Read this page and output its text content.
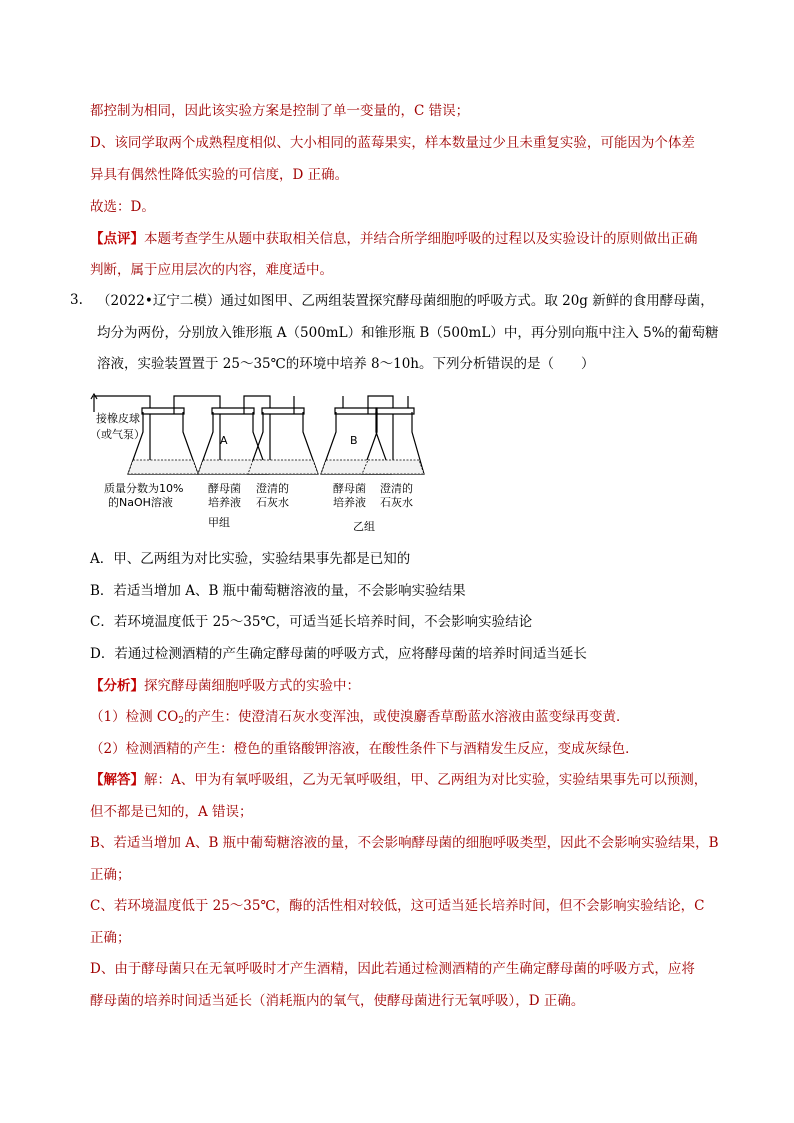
都控制为相同，因此该实验方案是控制了单一变量的，C 错误；
D、该同学取两个成熟程度相似、大小相同的蓝莓果实，样本数量过少且未重复实验，可能因为个体差
异具有偶然性降低实验的可信度，D 正确。
故选：D。
【点评】本题考查学生从题中获取相关信息，并结合所学细胞呼吸的过程以及实验设计的原则做出正确
判断，属于应用层次的内容，难度适中。
3. （2022•辽宁二模）通过如图甲、乙两组装置探究酵母菌细胞的呼吸方式。取 20g 新鲜的食用酵母菌，
均分为两份，分别放入锥形瓶 A（500mL）和锥形瓶 B（500mL）中，再分别向瓶中注入 5%的葡萄糖
溶液，实验装置置于 25～35℃的环境中培养 8～10h。下列分析错误的是（　　）
A	B
接橡皮球
（或气泵）
质量分数为10%
的NaOH溶液
酵母菌
培养液
澄清的
石灰水
甲组
酵母菌
培养液
澄清的
石灰水
乙组
A．甲、乙两组为对比实验，实验结果事先都是已知的
B．若适当增加 A、B 瓶中葡萄糖溶液的量，不会影响实验结果
C．若环境温度低于 25～35℃，可适当延长培养时间，不会影响实验结论
D．若通过检测酒精的产生确定酵母菌的呼吸方式，应将酵母菌的培养时间适当延长
【分析】探究酵母菌细胞呼吸方式的实验中：
（1）检测 $CO_2$的产生：使澄清石灰水变浑浊，或使溴麝香草酚蓝水溶液由蓝变绿再变黄．
（2）检测酒精的产生：橙色的重铬酸钾溶液，在酸性条件下与酒精发生反应，变成灰绿色．
【解答】解：A、甲为有氧呼吸组，乙为无氧呼吸组，甲、乙两组为对比实验，实验结果事先可以预测，
但不都是已知的，A 错误；
B、若适当增加 A、B 瓶中葡萄糖溶液的量，不会影响酵母菌的细胞呼吸类型，因此不会影响实验结果，B
正确；
C、若环境温度低于 25～35℃，酶的活性相对较低，这可适当延长培养时间，但不会影响实验结论，C
正确；
D、由于酵母菌只在无氧呼吸时才产生酒精，因此若通过检测酒精的产生确定酵母菌的呼吸方式，应将
酵母菌的培养时间适当延长（消耗瓶内的氧气，使酵母菌进行无氧呼吸），D 正确。
